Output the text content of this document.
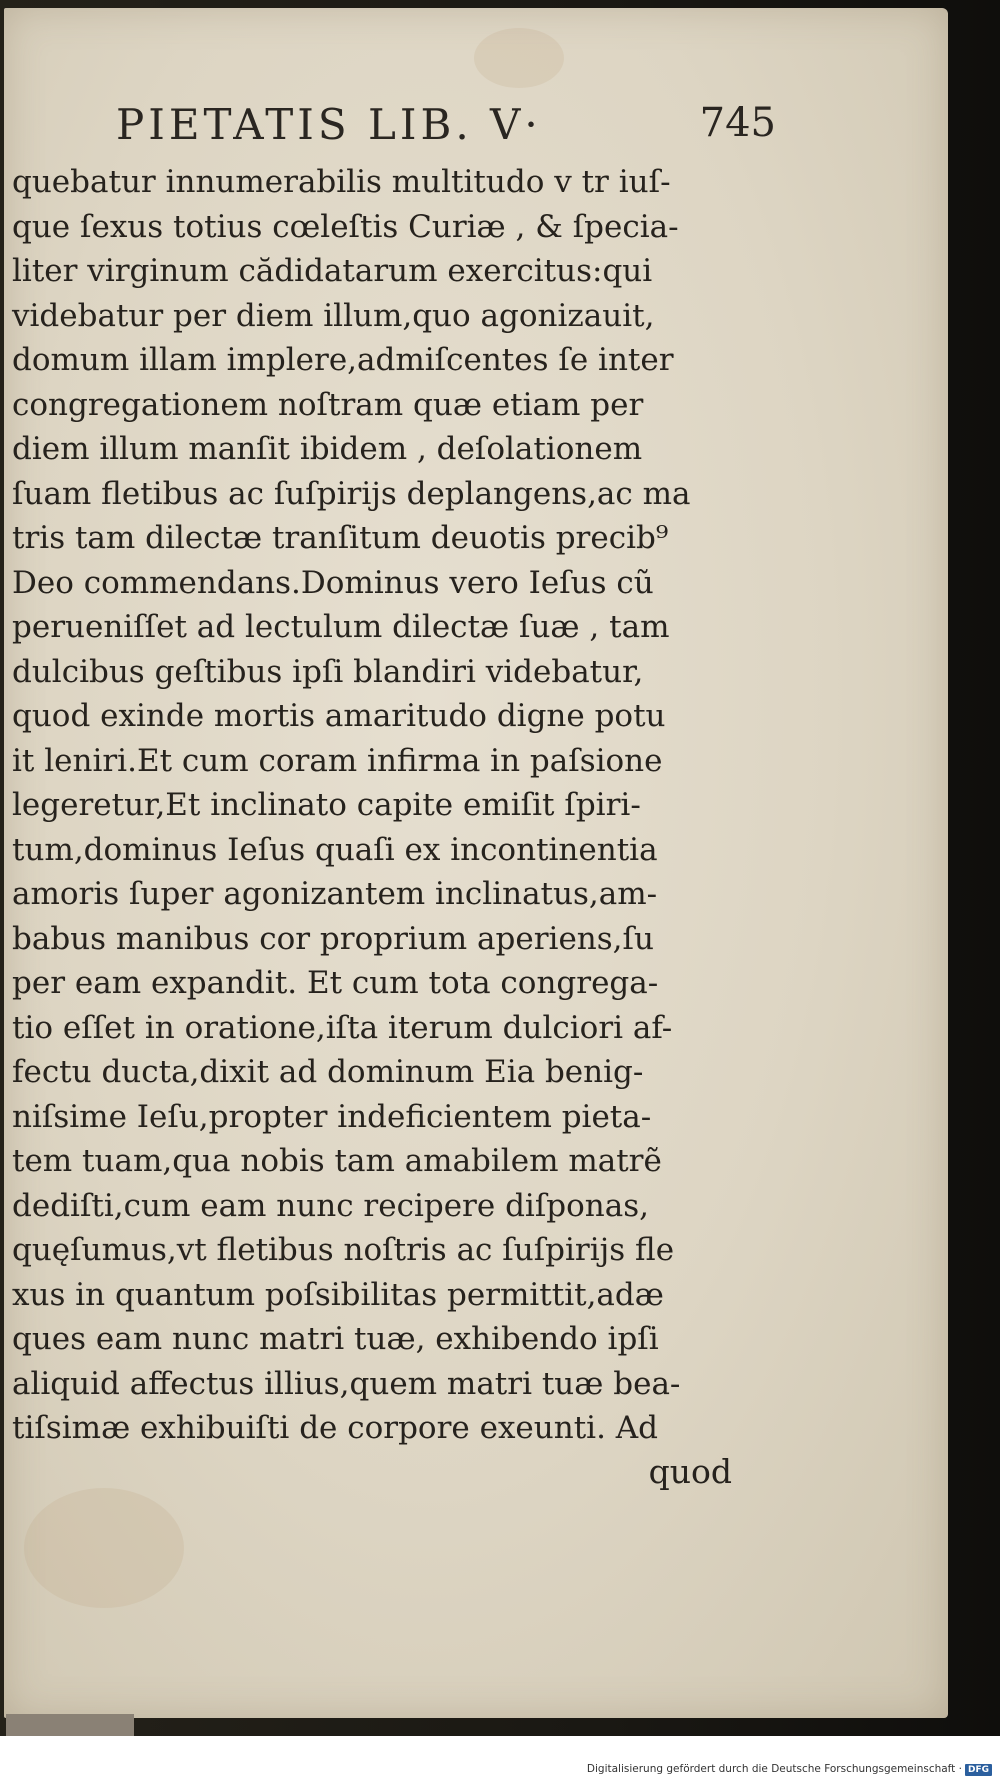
PIETATIS LIB. V·	745
quebatur innumerabilis multitudo v tr iuſ-
que ſexus totius cœleſtis Curiæ , & ſpecia-
liter virginum cădidatarum exercitus:qui
videbatur per diem illum,quo agonizauit,
domum illam implere,admiſcentes ſe inter
congregationem noſtram quæ etiam per
diem illum manſit ibidem , deſolationem
ſuam fletibus ac ſuſpirijs deplangens,ac ma
tris tam dilectæ tranſitum deuotis precib⁹
Deo commendans.Dominus vero Ieſus cũ
perueniſſet ad lectulum dilectæ ſuæ , tam
dulcibus geſtibus ipſi blandiri videbatur,
quod exinde mortis amaritudo digne potu
it leniri.Et cum coram infirma in paſsione
legeretur,Et inclinato capite emiſit ſpiri-
tum,dominus Ieſus quaſi ex incontinentia
amoris ſuper agonizantem inclinatus,am-
babus manibus cor proprium aperiens,ſu
per eam expandit. Et cum tota congrega-
tio eſſet in oratione,iſta iterum dulciori af-
fectu ducta,dixit ad dominum Eia benig-
niſsime Ieſu,propter indeficientem pieta-
tem tuam,qua nobis tam amabilem matrẽ
dediſti,cum eam nunc recipere diſponas,
quęſumus,vt fletibus noſtris ac ſuſpirijs fle
xus in quantum poſsibilitas permittit,adæ
ques eam nunc matri tuæ, exhibendo ipſi
aliquid affectus illius,quem matri tuæ bea-
tiſsimæ exhibuiſti de corpore exeunti. Ad
quod
Digitalisierung gefördert durch die Deutsche Forschungsgemeinschaft · DFG
